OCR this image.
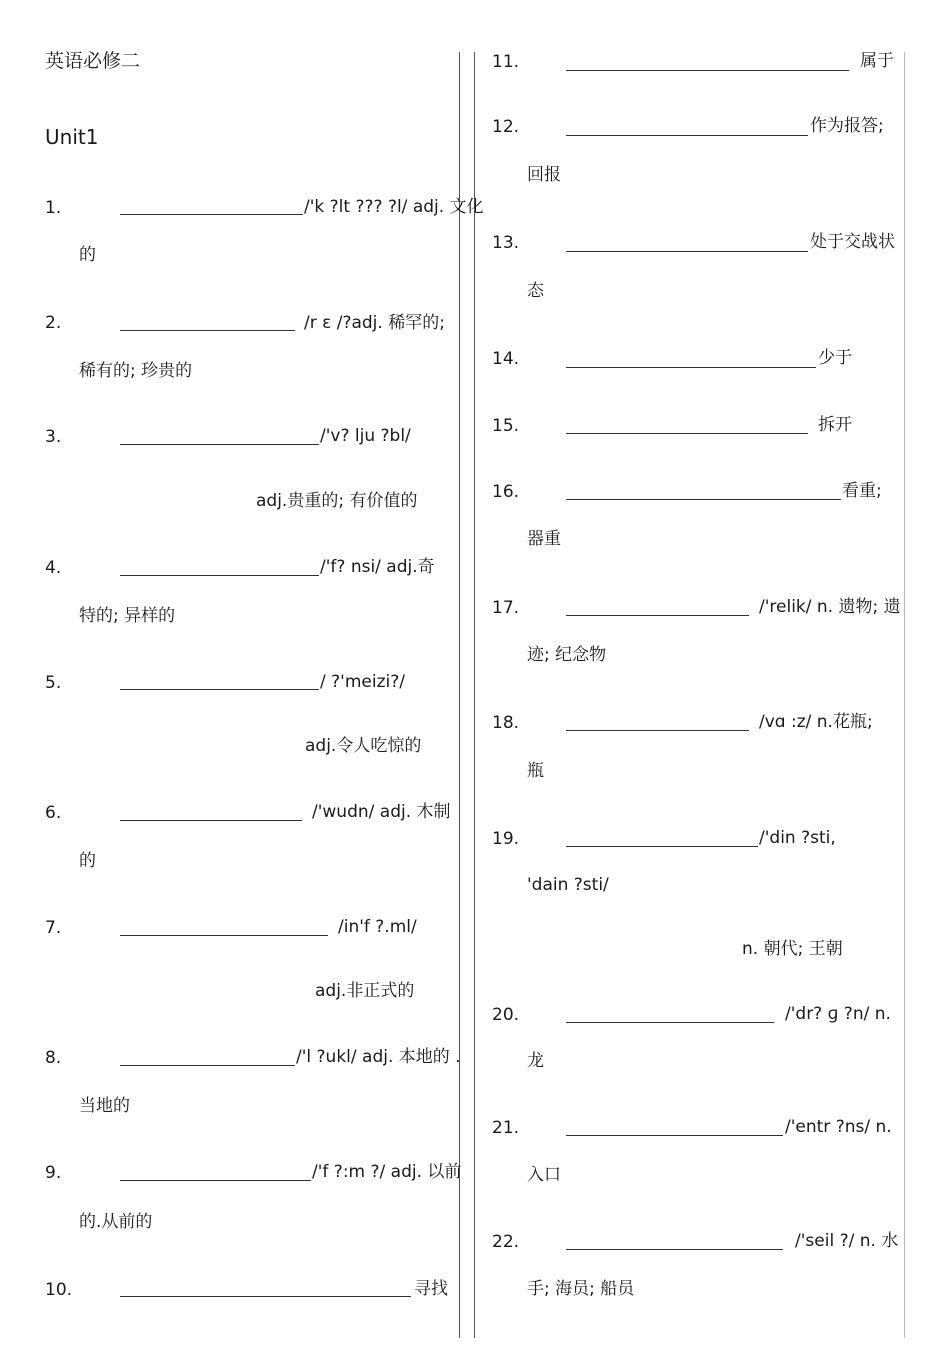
英语必修二
Unit1
1.	/'k ?lt ??? ?l/ adj. 文化
的
2.	/r ε /?adj. 稀罕的;
稀有的; 珍贵的
3.	/'v? lju ?bl/
adj.贵重的; 有价值的
4.	/'f? nsi/ adj.奇
特的; 异样的
5.	/ ?'meizi?/
adj.令人吃惊的
6.	/'wudn/ adj. 木制
的
7.	/in'f ?.ml/
adj.非正式的
8.	/'l ?ukl/ adj. 本地的 .
当地的
9.	/'f ?:m ?/ adj. 以前
的.从前的
10.	寻找
11.	属于
12.	作为报答;
回报
13.	处于交战状
态
14.	少于
15.	拆开
16.	看重;
器重
17.	/'relik/ n. 遗物; 遗
迹; 纪念物
18.	/vɑ :z/ n.花瓶;
瓶
19.	/'din ?sti,
'dain ?sti/
n. 朝代; 王朝
20.	/'dr? ɡ ?n/ n.
龙
21.	/'entr ?ns/ n.
入口
22.	/'seil ?/ n. 水
手; 海员; 船员
